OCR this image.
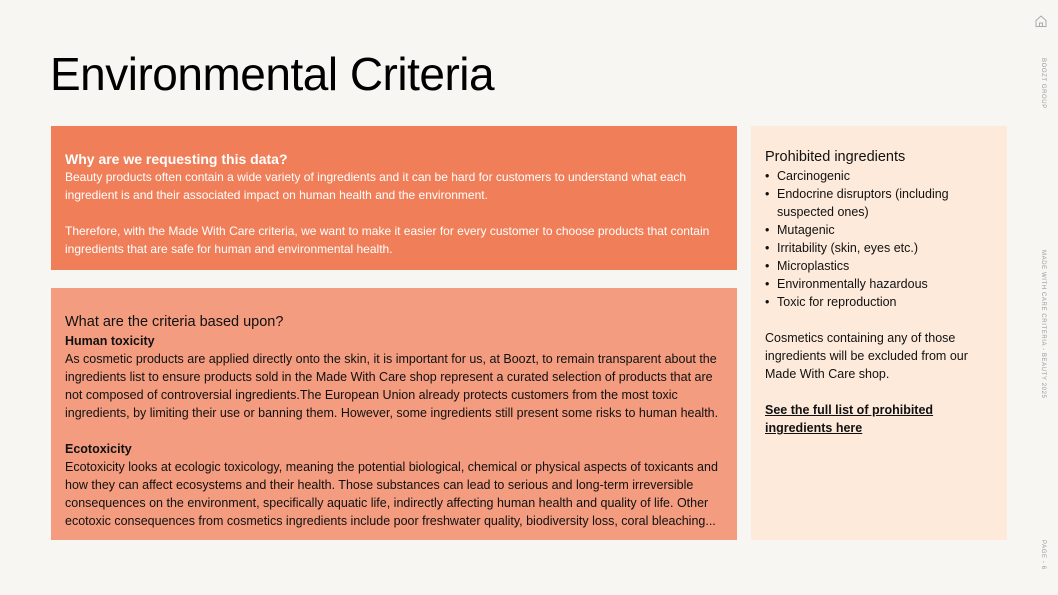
Environmental Criteria
Why are we requesting this data?

Beauty products often contain a wide variety of ingredients and it can be hard for customers to understand what each ingredient is and their associated impact on human health and the environment.

Therefore, with the Made With Care criteria, we want to make it easier for every customer to choose products that contain ingredients that are safe for human and environmental health.

What are the criteria based upon?
Human toxicity

As cosmetic products are applied directly onto the skin, it is important for us, at Boozt, to remain transparent about the ingredients list to ensure products sold in the Made With Care shop represent a curated selection of products that are not composed of controversial ingredients.The European Union already protects customers from the most toxic ingredients, by limiting their use or banning them. However, some ingredients still present some risks to human health.

Ecotoxicity

Ecotoxicity looks at ecologic toxicology, meaning the potential biological, chemical or physical aspects of toxicants and how they can affect ecosystems and their health. Those substances can lead to serious and long-term irreversible consequences on the environment, specifically aquatic life, indirectly affecting human health and quality of life. Other ecotoxic consequences from cosmetics ingredients include poor freshwater quality, biodiversity loss, coral bleaching...

Prohibited ingredients
• Carcinogenic
• Endocrine disruptors (including suspected ones)
• Mutagenic
• Irritability (skin, eyes etc.)
• Microplastics
• Environmentally hazardous
• Toxic for reproduction

Cosmetics containing any of those ingredients will be excluded from our Made With Care shop.

See the full list of prohibited ingredients here
BOOZT GROUP
MADE WITH CARE CRITERIA - BEAUTY 2025
PAGE - 6
